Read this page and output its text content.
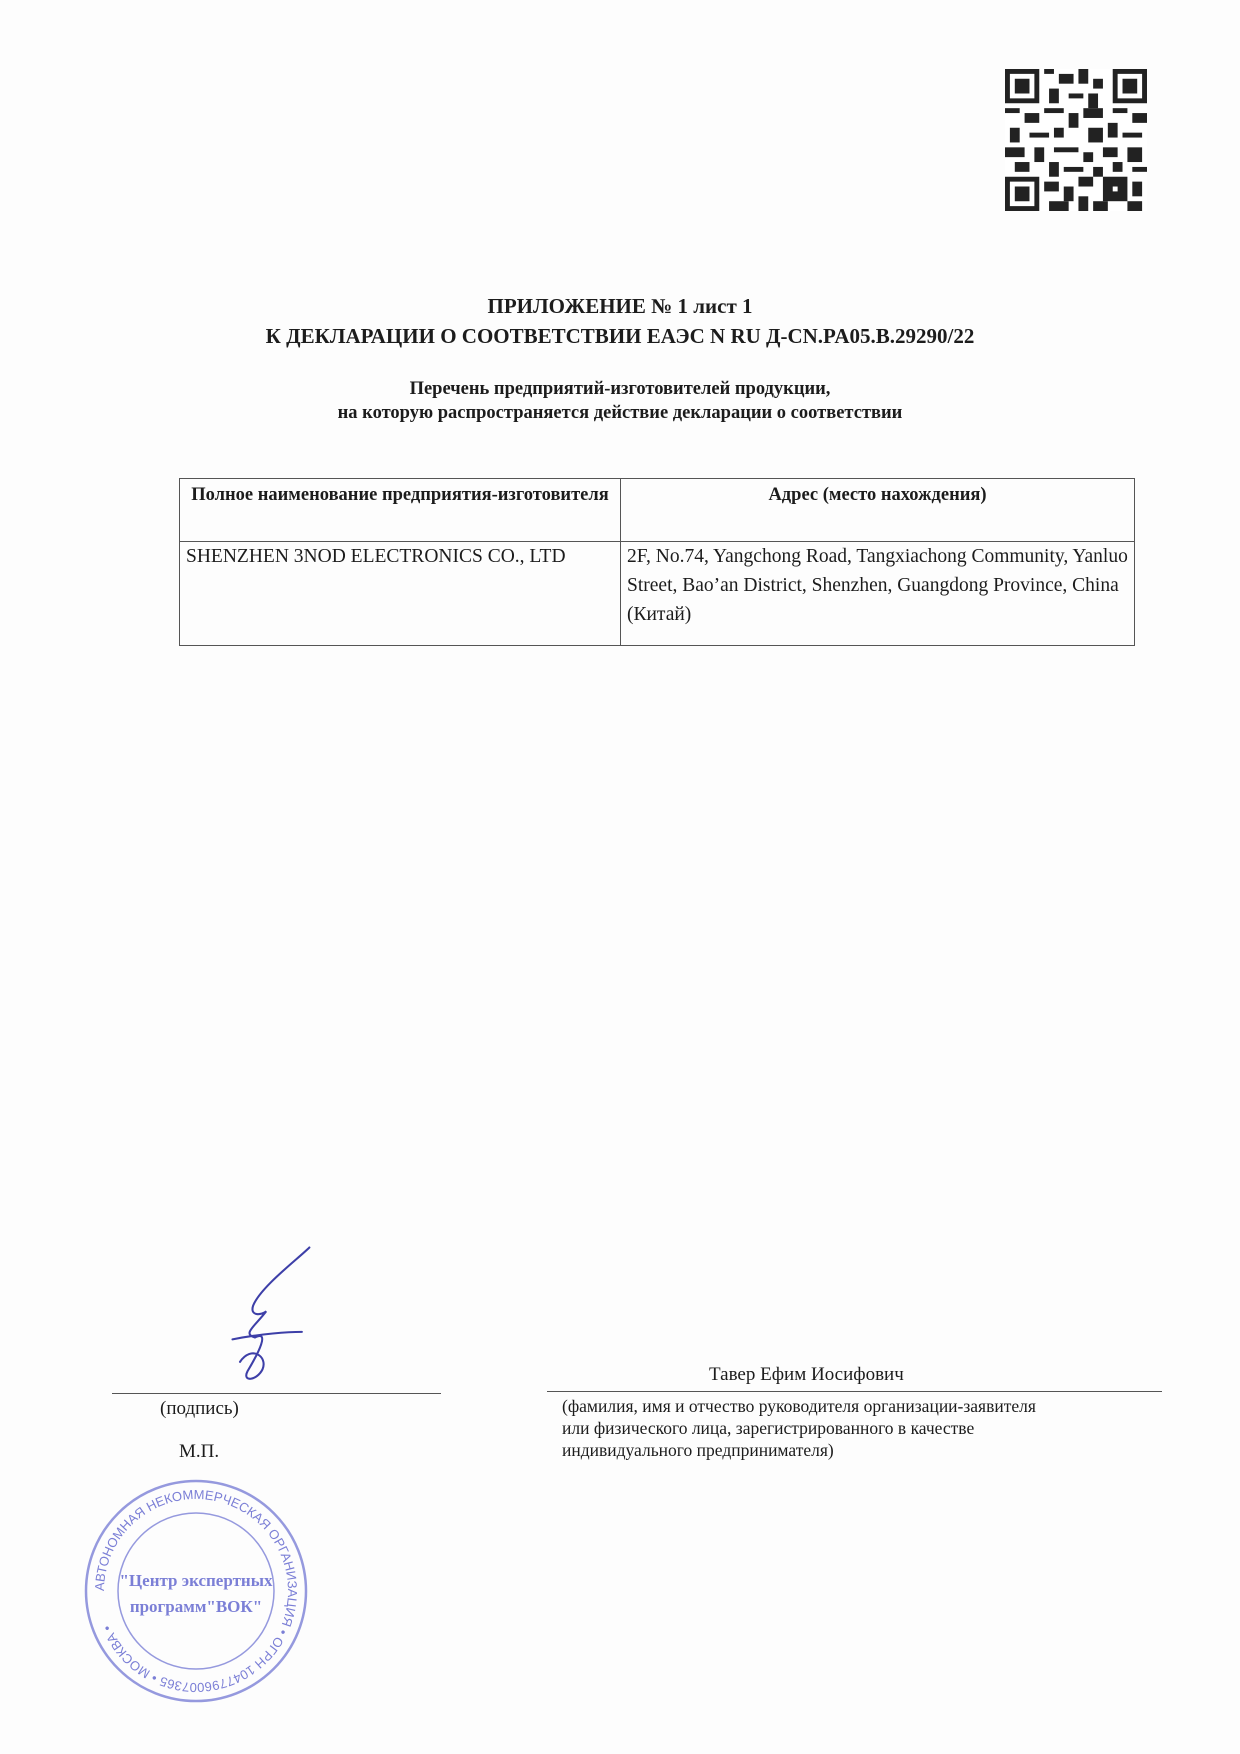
ПРИЛОЖЕНИЕ № 1 лист 1
К ДЕКЛАРАЦИИ О СООТВЕТСТВИИ ЕАЭС N RU Д-CN.PA05.B.29290/22
Перечень предприятий-изготовителей продукции,
на которую распространяется действие декларации о соответствии
Полное наименование предприятия-изготовителя	Адрес (место нахождения)
SHENZHEN 3NOD ELECTRONICS CO., LTD	2F, No.74, Yangchong Road, Tangxiachong Community, Yanluo Street, Bao’an District, Shenzhen, Guangdong Province, China (Китай)
АВТОНОМНАЯ НЕКОММЕРЧЕСКАЯ ОРГАНИЗАЦИЯ • ОГРН 1047796007365 • МОСКВА •
"Центр экспертных
программ"ВОК"
(подпись)
М.П.
Тавер Ефим Иосифович
(фамилия, имя и отчество руководителя организации-заявителя
или физического лица, зарегистрированного в качестве
индивидуального предпринимателя)
